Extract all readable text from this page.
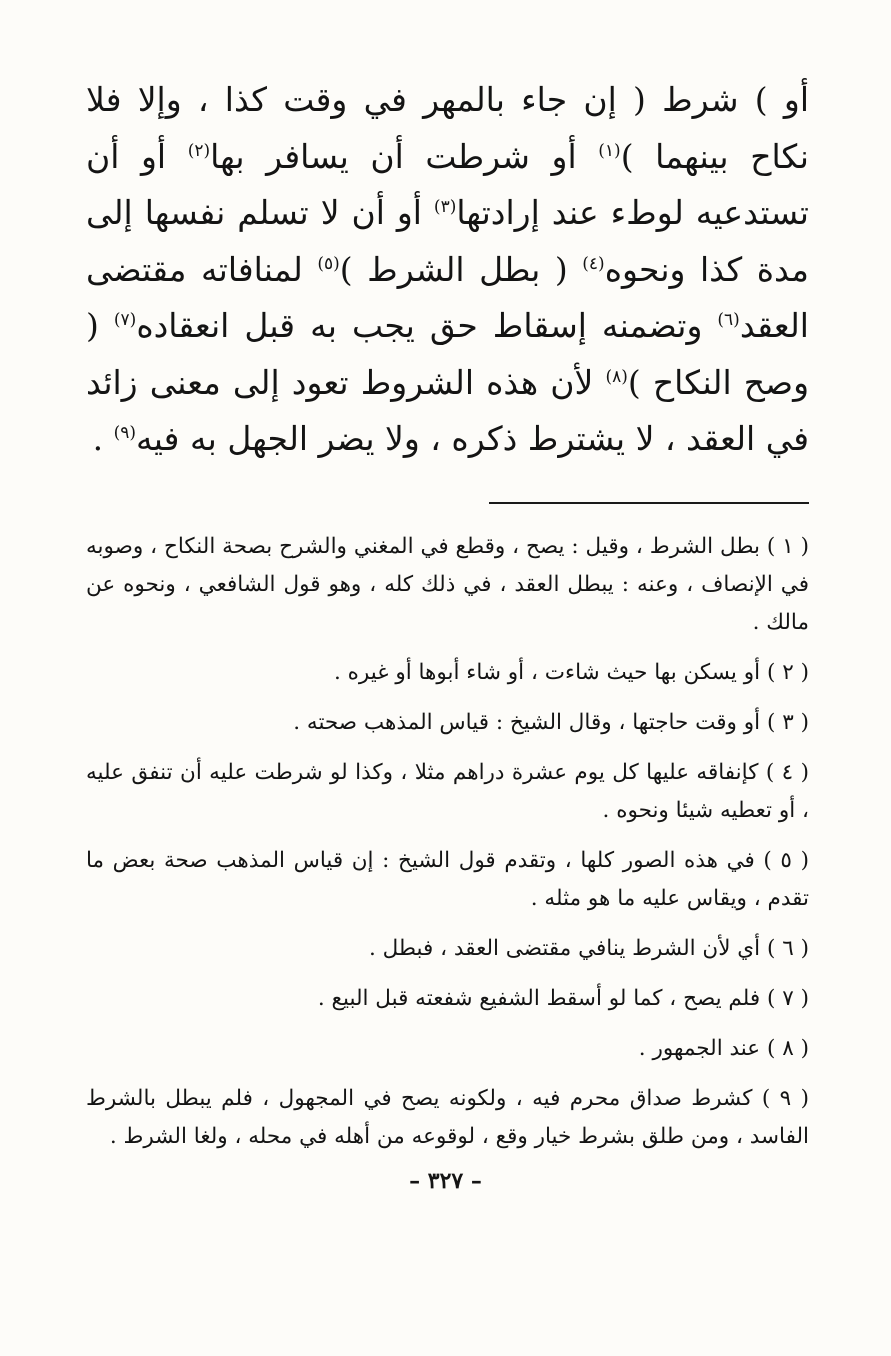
أو ) شرط ( إن جاء بالمهر في وقت كذا ، وإلا فلا نكاح بينهما )$^{(١)}$ أو شرطت أن يسافر بها$^{(٢)}$ أو أن تستدعيه لوطء عند إرادتها$^{(٣)}$ أو أن لا تسلم نفسها إلى مدة كذا ونحوه$^{(٤)}$ ( بطل الشرط )$^{(٥)}$ لمنافاته مقتضى العقد$^{(٦)}$ وتضمنه إسقاط حق يجب به قبل انعقاده$^{(٧)}$ ( وصح النكاح )$^{(٨)}$ لأن هذه الشروط تعود إلى معنى زائد في العقد ، لا يشترط ذكره ، ولا يضر الجهل به فيه$^{(٩)}$ .

( ١ ) بطل الشرط ، وقيل : يصح ، وقطع في المغني والشرح بصحة النكاح ، وصوبه في الإنصاف ، وعنه : يبطل العقد ، في ذلك كله ، وهو قول الشافعي ، ونحوه عن مالك .

( ٢ ) أو يسكن بها حيث شاءت ، أو شاء أبوها أو غيره .

( ٣ ) أو وقت حاجتها ، وقال الشيخ : قياس المذهب صحته .

( ٤ ) كإنفاقه عليها كل يوم عشرة دراهم مثلا ، وكذا لو شرطت عليه أن تنفق عليه ، أو تعطيه شيئا ونحوه .

( ٥ ) في هذه الصور كلها ، وتقدم قول الشيخ : إن قياس المذهب صحة بعض ما تقدم ، ويقاس عليه ما هو مثله .

( ٦ ) أي لأن الشرط ينافي مقتضى العقد ، فبطل .

( ٧ ) فلم يصح ، كما لو أسقط الشفيع شفعته قبل البيع .

( ٨ ) عند الجمهور .

( ٩ ) كشرط صداق محرم فيه ، ولكونه يصح في المجهول ، فلم يبطل بالشرط الفاسد ، ومن طلق بشرط خيار وقع ، لوقوعه من أهله في محله ، ولغا الشرط .

– ٣٢٧ –
